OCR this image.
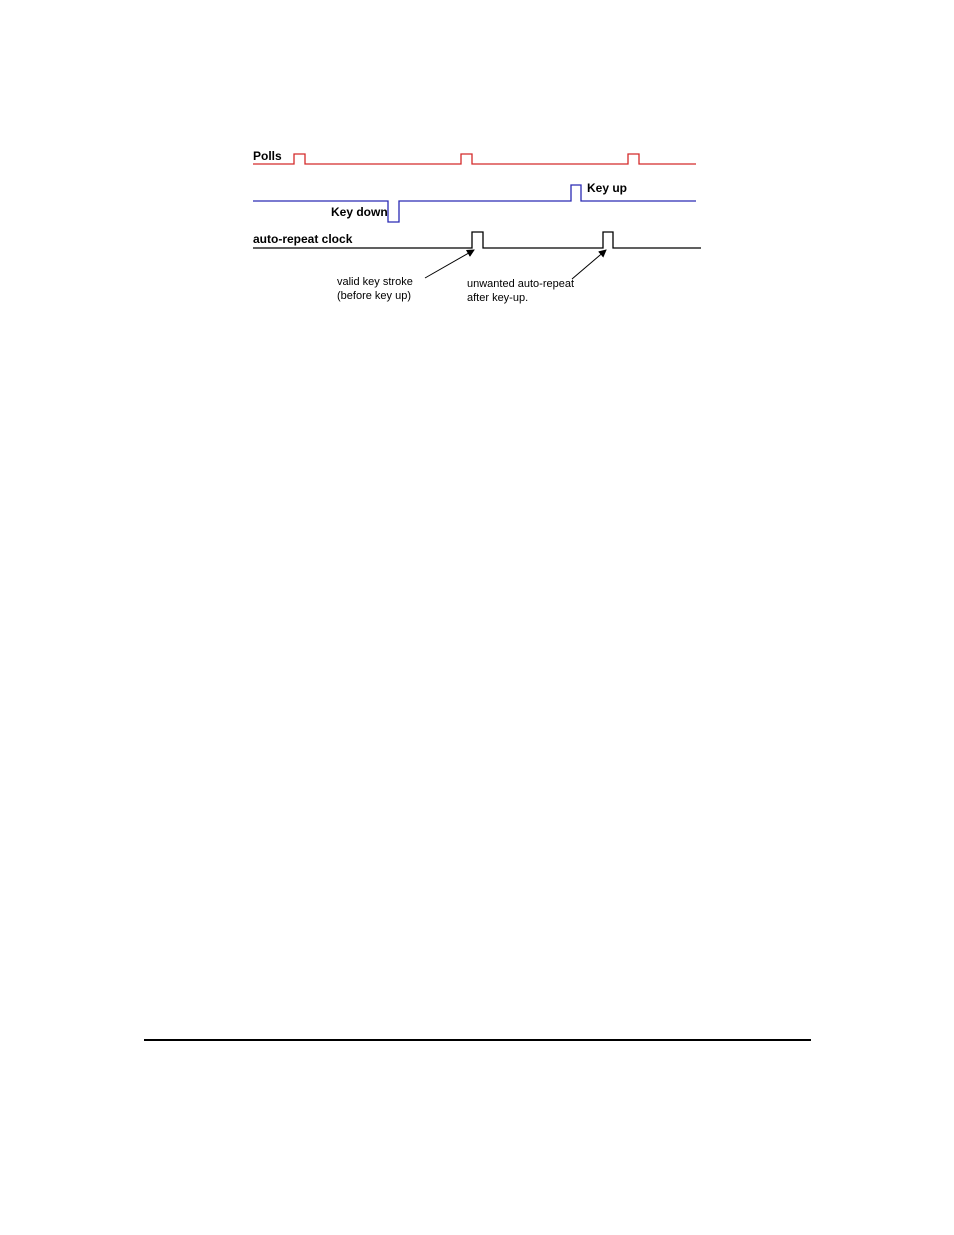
Polls
Key down
Key up
auto-repeat clock
valid key stroke
(before key up)
unwanted auto-repeat
after key-up.
